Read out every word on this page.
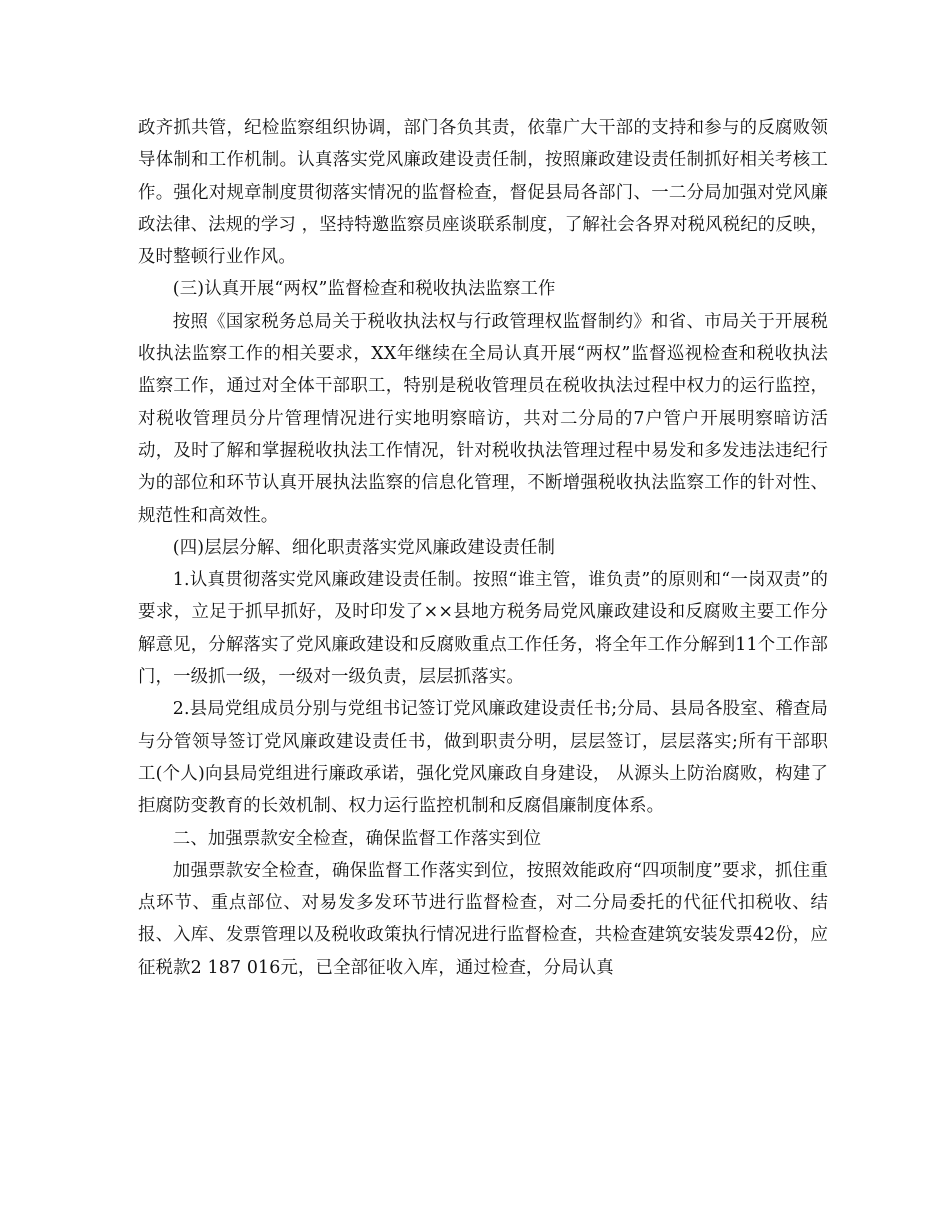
政齐抓共管，纪检监察组织协调，部门各负其责，依靠广大干部的支持和参与的反腐败领导体制和工作机制。认真落实党风廉政建设责任制，按照廉政建设责任制抓好相关考核工作。强化对规章制度贯彻落实情况的监督检查，督促县局各部门、一二分局加强对党风廉政法律、法规的学习 ，坚持特邀监察员座谈联系制度，了解社会各界对税风税纪的反映，及时整顿行业作风。

(三)认真开展“两权”监督检查和税收执法监察工作

按照《国家税务总局关于税收执法权与行政管理权监督制约》和省、市局关于开展税收执法监察工作的相关要求，XX年继续在全局认真开展“两权”监督巡视检查和税收执法监察工作，通过对全体干部职工，特别是税收管理员在税收执法过程中权力的运行监控，对税收管理员分片管理情况进行实地明察暗访，共对二分局的7户管户开展明察暗访活动，及时了解和掌握税收执法工作情况，针对税收执法管理过程中易发和多发违法违纪行为的部位和环节认真开展执法监察的信息化管理，不断增强税收执法监察工作的针对性、规范性和高效性。

(四)层层分解、细化职责落实党风廉政建设责任制

1.认真贯彻落实党风廉政建设责任制。按照“谁主管，谁负责”的原则和“一岗双责”的要求，立足于抓早抓好，及时印发了××县地方税务局党风廉政建设和反腐败主要工作分解意见，分解落实了党风廉政建设和反腐败重点工作任务，将全年工作分解到11个工作部门，一级抓一级，一级对一级负责，层层抓落实。

2.县局党组成员分别与党组书记签订党风廉政建设责任书;分局、县局各股室、稽查局与分管领导签订党风廉政建设责任书，做到职责分明，层层签订，层层落实;所有干部职工(个人)向县局党组进行廉政承诺，强化党风廉政自身建设， 从源头上防治腐败，构建了拒腐防变教育的长效机制、权力运行监控机制和反腐倡廉制度体系。

二、加强票款安全检查，确保监督工作落实到位

加强票款安全检查，确保监督工作落实到位，按照效能政府“四项制度”要求，抓住重点环节、重点部位、对易发多发环节进行监督检查，对二分局委托的代征代扣税收、结报、入库、发票管理以及税收政策执行情况进行监督检查，共检查建筑安装发票42份，应征税款2 187 016元，已全部征收入库，通过检查，分局认真
